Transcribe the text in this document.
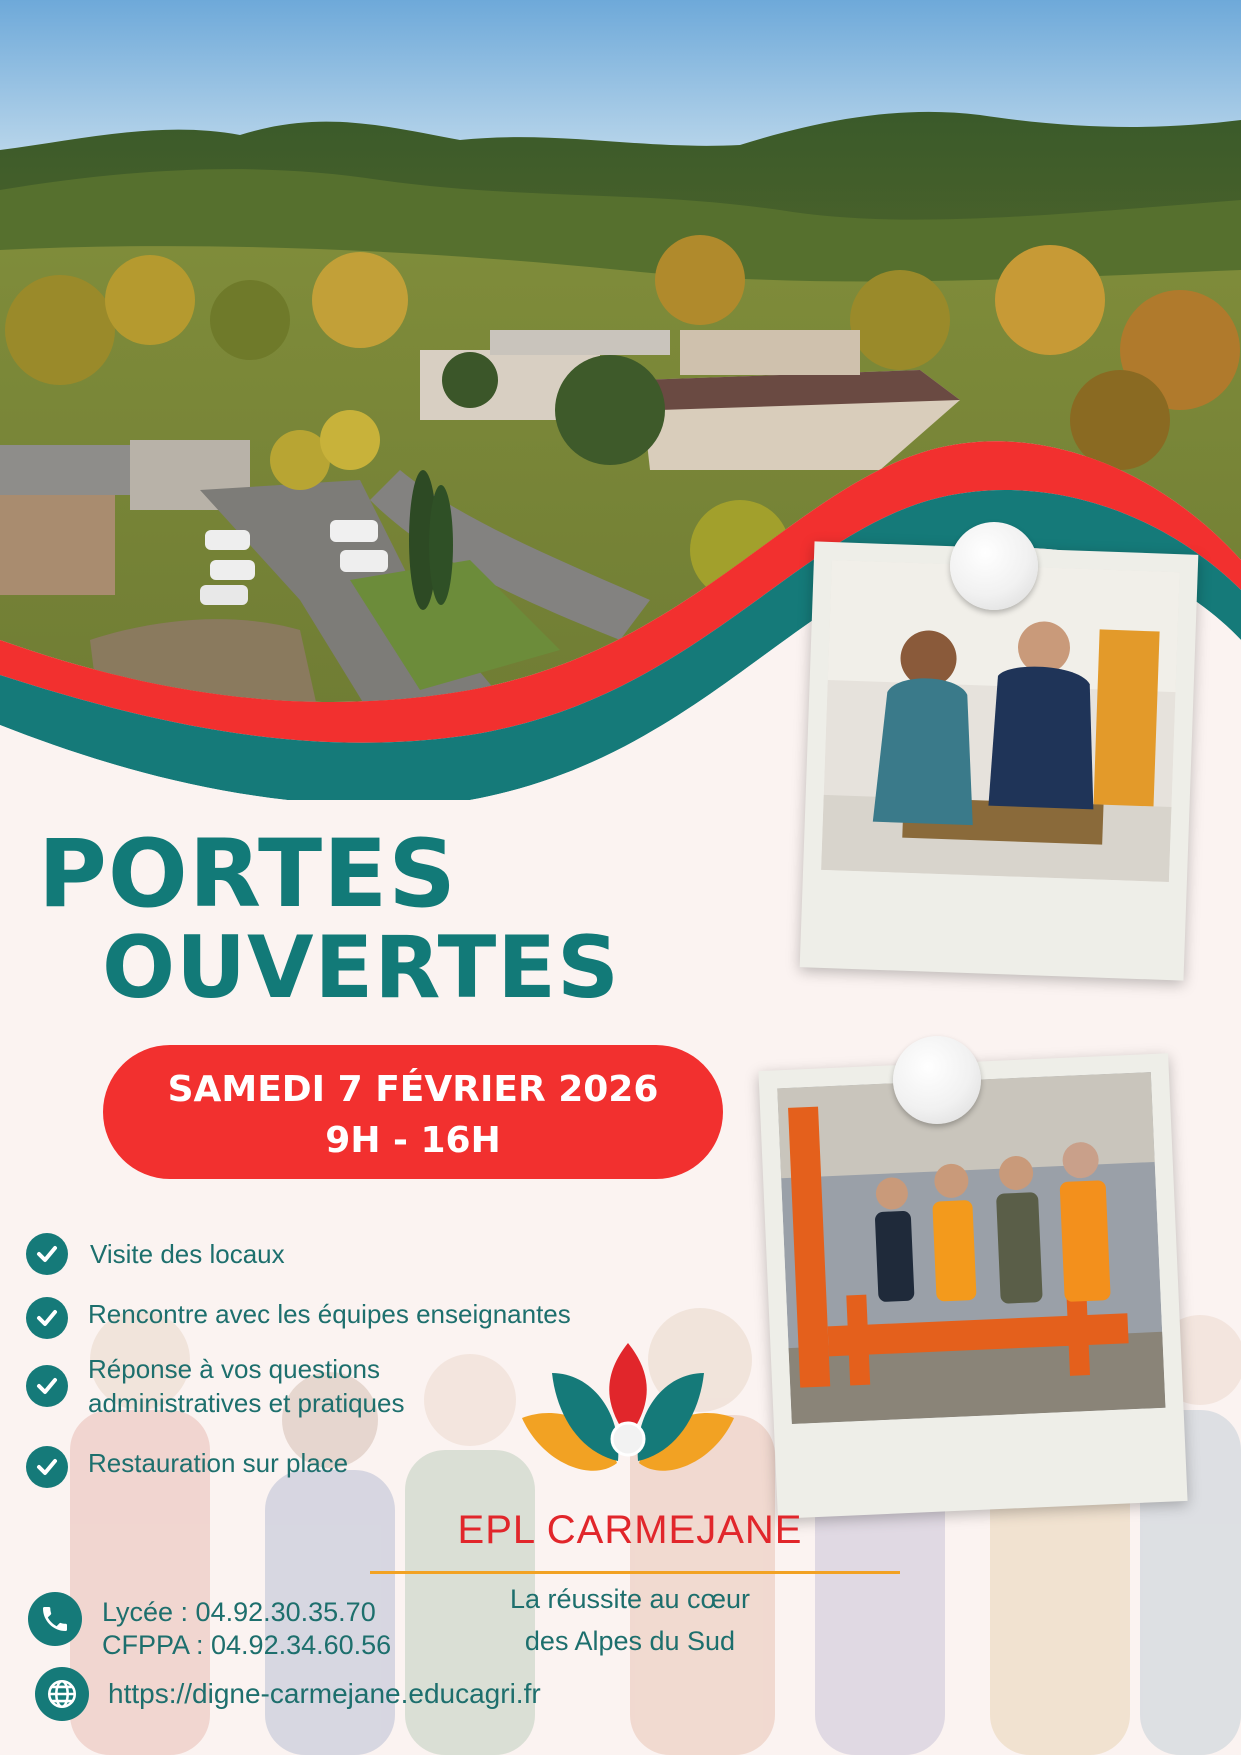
PORTES
OUVERTES
SAMEDI 7 FÉVRIER 2026
9H - 16H
Visite des locaux
Rencontre avec les équipes enseignantes
Réponse à vos questions
administratives et pratiques
Restauration sur place
EPL CARMEJANE
La réussite au cœur
des Alpes du Sud
Lycée : 04.92.30.35.70
CFPPA : 04.92.34.60.56
https://digne-carmejane.educagri.fr
